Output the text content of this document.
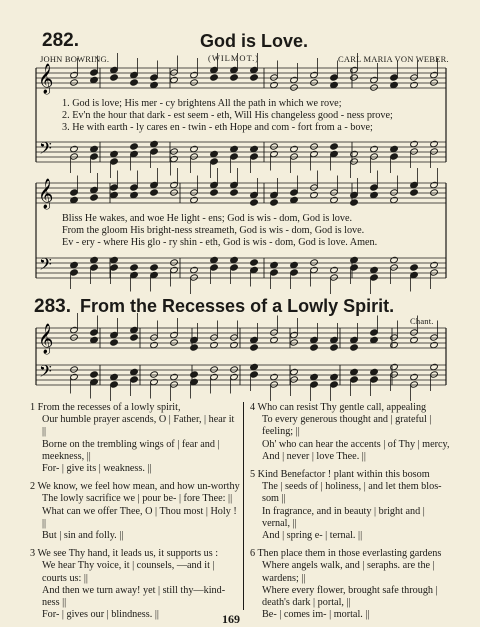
282.	God is Love.
JOHN BOWRING.	(WILMOT.)	CARL MARIA VON WEBER.
𝄞
𝄢
𝄞
𝄢
𝄞
𝄢
1. God is love; His mer - cy brightens All the path in which we rove;
2. Ev'n the hour that dark - est seem - eth, Will His changeless good - ness prove;
3. He with earth - ly cares en - twin - eth Hope and com - fort from a - bove;
Bliss He wakes, and woe He light - ens; God is wis - dom, God is love.
From the gloom His bright-ness streameth, God is wis - dom, God is love.
Ev - ery - where His glo - ry shin - eth, God is wis - dom, God is love. Amen.
283. From the Recesses of a Lowly Spirit.
Chant.
1 From the recesses of a lowly spirit,
Our humble prayer ascends, O | Father, | hear it ||
Borne on the trembling wings of | fear and | meekness, ||
For- | give its | weakness. ||
2 We know, we feel how mean, and how un-worthy
The lowly sacrifice we | pour be- | fore Thee: ||
What can we offer Thee, O | Thou most | Holy ! ||
But | sin and folly. ||
3 We see Thy hand, it leads us, it supports us :
We hear Thy voice, it | counsels, —and it | courts us: ||
And then we turn away! yet | still thy—kind-ness ||
For- | gives our | blindness. ||
4 Who can resist Thy gentle call, appealing
To every generous thought and | grateful | feeling; ||
Oh' who can hear the accents | of Thy | mercy,
And | never | love Thee. ||
5 Kind Benefactor ! plant within this bosom
The | seeds of | holiness, | and let them blos-som ||
In fragrance, and in beauty | bright and | vernal, ||
And | spring e- | ternal. ||
6 Then place them in those everlasting gardens
Where angels walk, and | seraphs. are the | wardens; ||
Where every flower, brought safe through | death's dark | portal, ||
Be- | comes im- | mortal. ||
169
